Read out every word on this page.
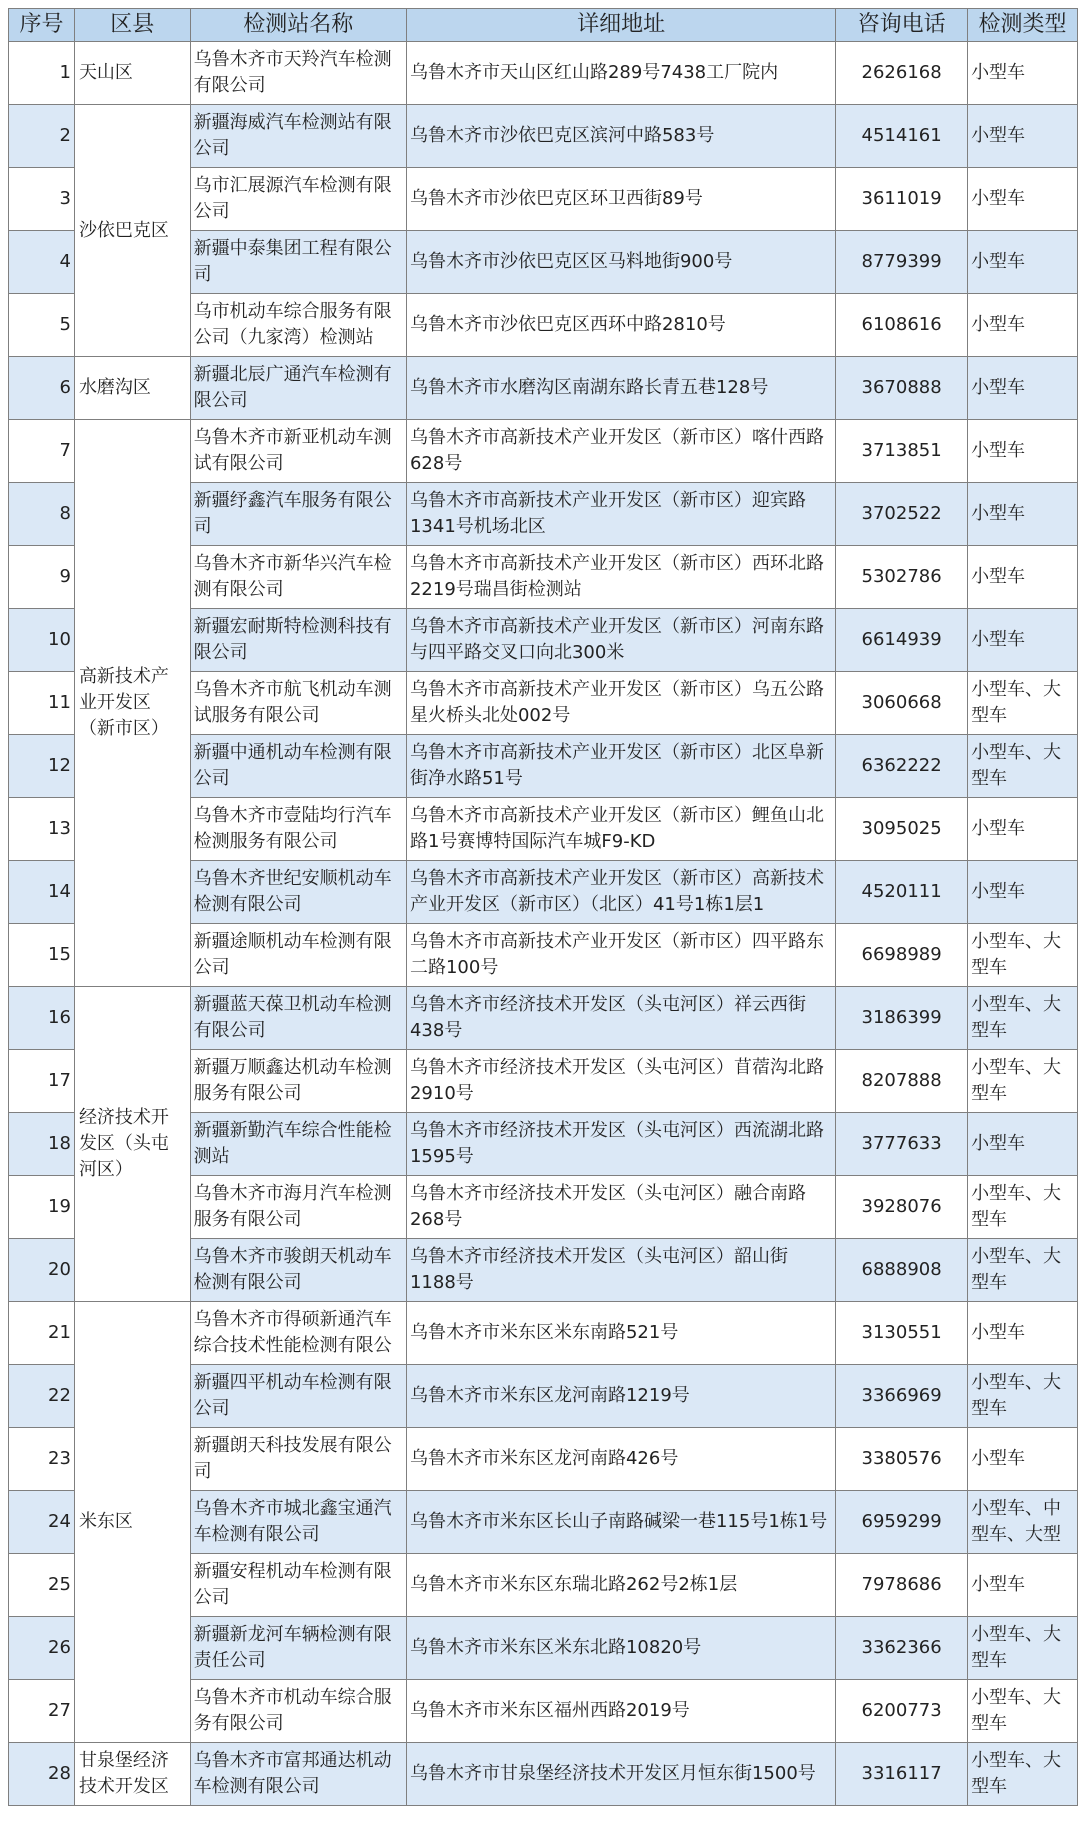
序号	区县	检测站名称	详细地址	咨询电话	检测类型

1	天山区	乌鲁木齐市天羚汽车检测有限公司	乌鲁木齐市天山区红山路289号7438工厂院内	2626168	小型车

2	沙依巴克区	新疆海威汽车检测站有限公司	乌鲁木齐市沙依巴克区滨河中路583号	4514161	小型车

3		乌市汇展源汽车检测有限公司	乌鲁木齐市沙依巴克区环卫西街89号	3611019	小型车

4		新疆中泰集团工程有限公司	乌鲁木齐市沙依巴克区区马料地街900号	8779399	小型车

5		乌市机动车综合服务有限公司（九家湾）检测站	乌鲁木齐市沙依巴克区西环中路2810号	6108616	小型车

6	水磨沟区	新疆北辰广通汽车检测有限公司	乌鲁木齐市水磨沟区南湖东路长青五巷128号	3670888	小型车

7	高新技术产业开发区（新市区）	乌鲁木齐市新亚机动车测试有限公司	乌鲁木齐市高新技术产业开发区（新市区）喀什西路628号	3713851	小型车

8		新疆纾鑫汽车服务有限公司	乌鲁木齐市高新技术产业开发区（新市区）迎宾路1341号机场北区	3702522	小型车

9		乌鲁木齐市新华兴汽车检测有限公司	乌鲁木齐市高新技术产业开发区（新市区）西环北路2219号瑞昌街检测站	5302786	小型车

10		新疆宏耐斯特检测科技有限公司	乌鲁木齐市高新技术产业开发区（新市区）河南东路与四平路交叉口向北300米	6614939	小型车

11		乌鲁木齐市航飞机动车测试服务有限公司	乌鲁木齐市高新技术产业开发区（新市区）乌五公路星火桥头北处002号	3060668	小型车、大型车

12		新疆中通机动车检测有限公司	乌鲁木齐市高新技术产业开发区（新市区）北区阜新街净水路51号	6362222	小型车、大型车

13		乌鲁木齐市壹陆均行汽车检测服务有限公司	乌鲁木齐市高新技术产业开发区（新市区）鲤鱼山北路1号赛博特国际汽车城F9-KD	3095025	小型车

14		乌鲁木齐世纪安顺机动车检测有限公司	乌鲁木齐市高新技术产业开发区（新市区）高新技术产业开发区（新市区）（北区）41号1栋1层1	4520111	小型车

15		新疆途顺机动车检测有限公司	乌鲁木齐市高新技术产业开发区（新市区）四平路东二路100号	6698989	小型车、大型车

16	经济技术开发区（头屯河区）	新疆蓝天葆卫机动车检测有限公司	乌鲁木齐市经济技术开发区（头屯河区）祥云西街438号	3186399	小型车、大型车

17		新疆万顺鑫达机动车检测服务有限公司	乌鲁木齐市经济技术开发区（头屯河区）苜蓿沟北路2910号	8207888	小型车、大型车

18		新疆新勤汽车综合性能检测站	乌鲁木齐市经济技术开发区（头屯河区）西流湖北路1595号	3777633	小型车

19		乌鲁木齐市海月汽车检测服务有限公司	乌鲁木齐市经济技术开发区（头屯河区）融合南路268号	3928076	小型车、大型车

20		乌鲁木齐市骏朗天机动车检测有限公司	乌鲁木齐市经济技术开发区（头屯河区）韶山街1188号	6888908	小型车、大型车

21	米东区	乌鲁木齐市得硕新通汽车综合技术性能检测有限公	乌鲁木齐市米东区米东南路521号	3130551	小型车

22		新疆四平机动车检测有限公司	乌鲁木齐市米东区龙河南路1219号	3366969	小型车、大型车

23		新疆朗天科技发展有限公司	乌鲁木齐市米东区龙河南路426号	3380576	小型车

24		乌鲁木齐市城北鑫宝通汽车检测有限公司	乌鲁木齐市米东区长山子南路碱梁一巷115号1栋1号	6959299	小型车、中型车、大型

25		新疆安程机动车检测有限公司	乌鲁木齐市米东区东瑞北路262号2栋1层	7978686	小型车

26		新疆新龙河车辆检测有限责任公司	乌鲁木齐市米东区米东北路10820号	3362366	小型车、大型车

27		乌鲁木齐市机动车综合服务有限公司	乌鲁木齐市米东区福州西路2019号	6200773	小型车、大型车

28	甘泉堡经济技术开发区	乌鲁木齐市富邦通达机动车检测有限公司	乌鲁木齐市甘泉堡经济技术开发区月恒东街1500号	3316117	小型车、大型车
